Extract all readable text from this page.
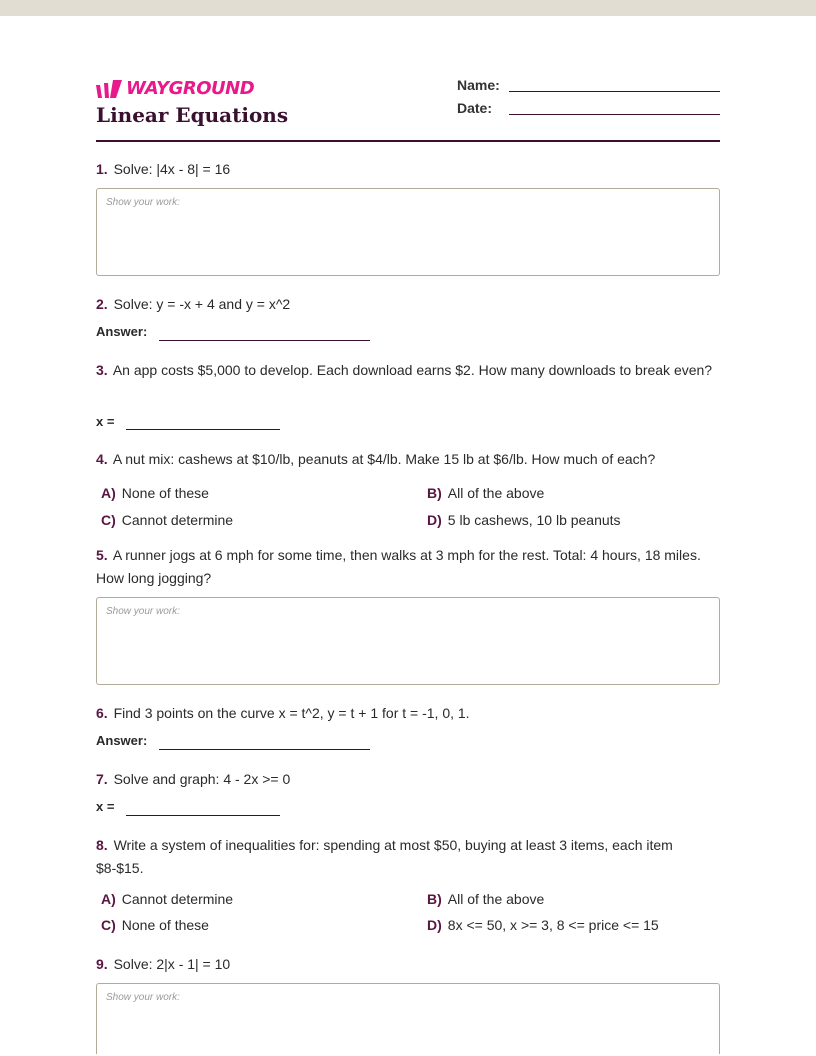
WAYGROUND
Linear Equations
Name:
Date:
1. Solve: |4x - 8| = 16
Show your work:
2. Solve: y = -x + 4 and y = x^2
Answer:
3. An app costs $5,000 to develop. Each download earns $2. How many downloads to break even?
x =
4. A nut mix: cashews at $10/lb, peanuts at $4/lb. Make 15 lb at $6/lb. How much of each?
A) None of these	B) All of the above
C) Cannot determine	D) 5 lb cashews, 10 lb peanuts
5. A runner jogs at 6 mph for some time, then walks at 3 mph for the rest. Total: 4 hours, 18 miles. How long jogging?
Show your work:
6. Find 3 points on the curve x = t^2, y = t + 1 for t = -1, 0, 1.
Answer:
7. Solve and graph: 4 - 2x >= 0
x =
8. Write a system of inequalities for: spending at most $50, buying at least 3 items, each item $8-$15.
A) Cannot determine	B) All of the above
C) None of these	D) 8x <= 50, x >= 3, 8 <= price <= 15
9. Solve: 2|x - 1| = 10
Show your work:
